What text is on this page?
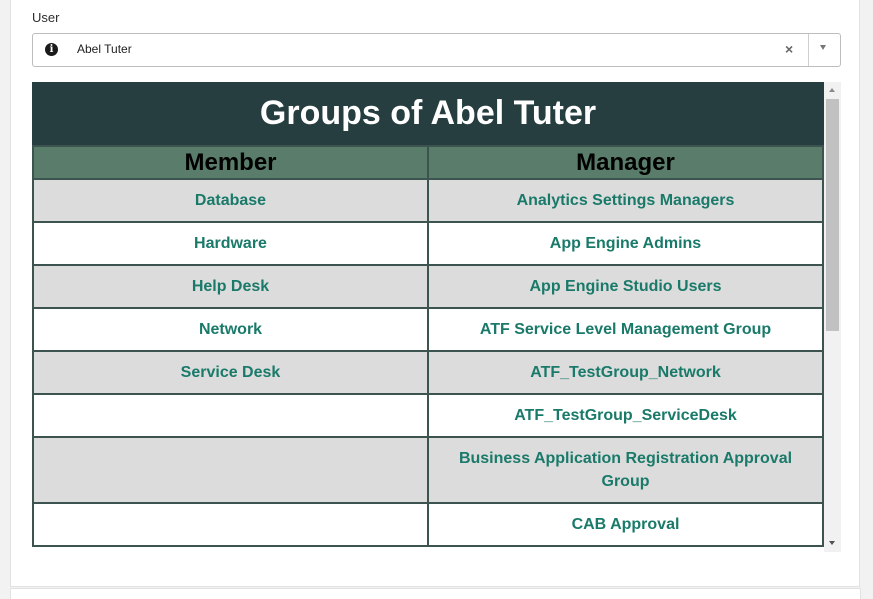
User
i	Abel Tuter	×
Groups of Abel Tuter
Member	Manager
Database	Analytics Settings Managers
Hardware	App Engine Admins
Help Desk	App Engine Studio Users
Network	ATF Service Level Management Group
Service Desk	ATF_TestGroup_Network
	ATF_TestGroup_ServiceDesk
	Business Application Registration Approval Group
	CAB Approval
